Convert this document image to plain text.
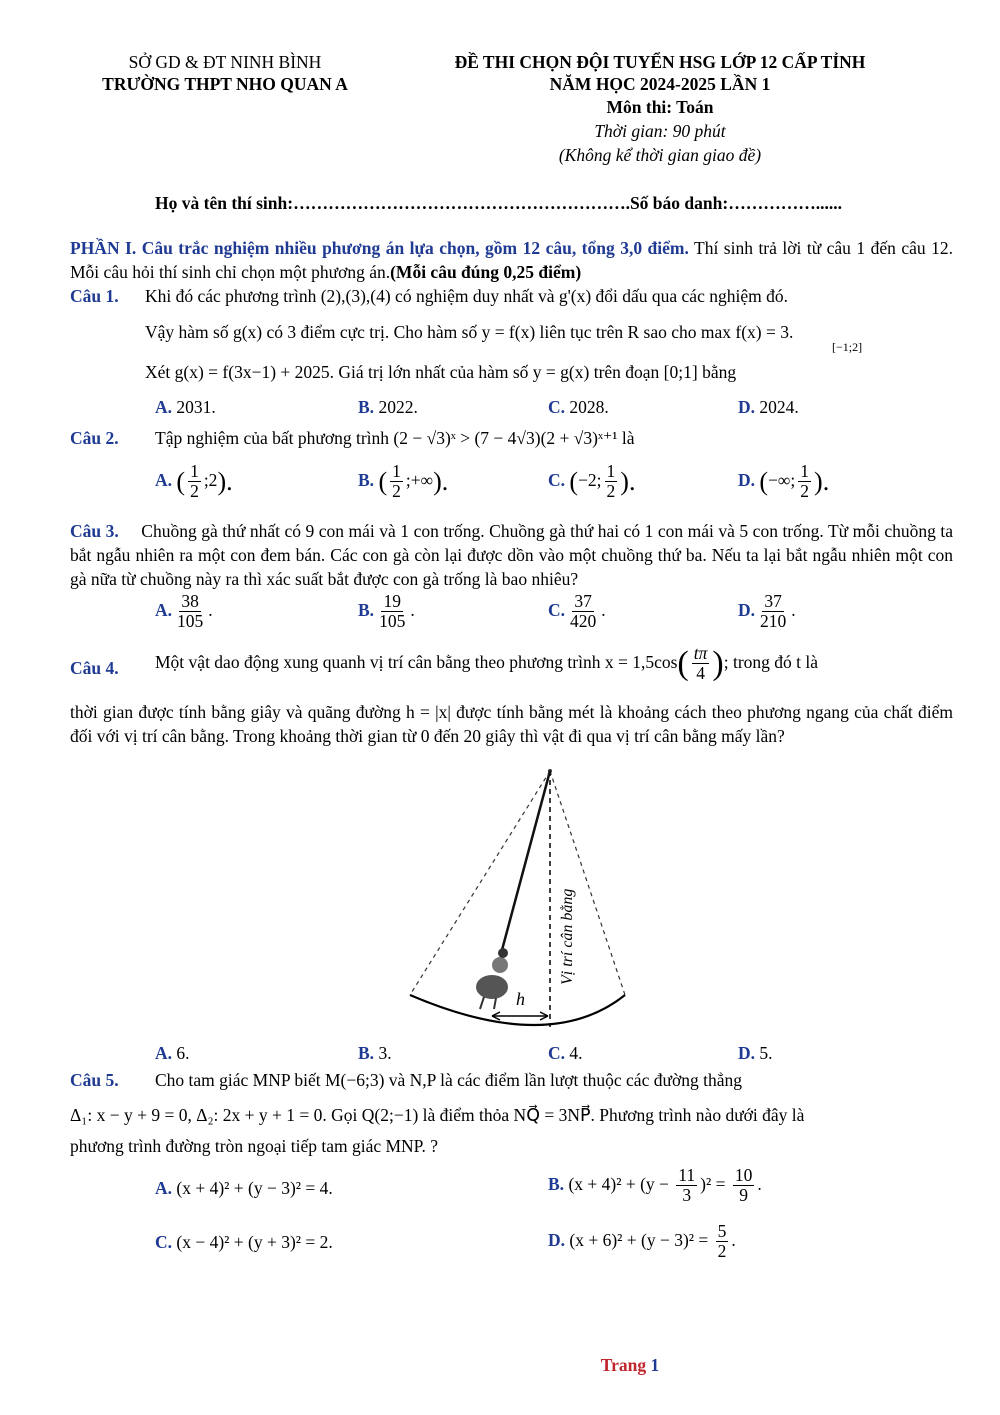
SỞ GD & ĐT NINH BÌNH
TRƯỜNG THPT NHO QUAN A
ĐỀ THI CHỌN ĐỘI TUYỂN HSG LỚP 12 CẤP TỈNH
NĂM HỌC 2024-2025 LẦN 1
Môn thi: Toán
Thời gian: 90 phút
(Không kể thời gian giao đề)
Họ và tên thí sinh:………………………………………………….Số báo danh:……………......
PHẦN I. Câu trắc nghiệm nhiều phương án lựa chọn, gồm 12 câu, tổng 3,0 điểm. Thí sinh trả lời từ câu 1 đến câu 12. Mỗi câu hỏi thí sinh chỉ chọn một phương án.(Mỗi câu đúng 0,25 điểm)
Câu 1. Khi đó các phương trình (2),(3),(4) có nghiệm duy nhất và g'(x) đổi dấu qua các nghiệm đó.
Vậy hàm số g(x) có 3 điểm cực trị. Cho hàm số y = f(x) liên tục trên R sao cho max f(x) = 3.
[−1;2]
Xét g(x) = f(3x−1) + 2025. Giá trị lớn nhất của hàm số y = g(x) trên đoạn [0;1] bằng
A. 2031.	B. 2022.	C. 2028.	D. 2024.
Câu 2. Tập nghiệm của bất phương trình (2 − √3)ˣ > (7 − 4√3)(2 + √3)ˣ⁺¹ là
A. ( $\frac{1}{2}$ ;2).	B. ( $\frac{1}{2}$ ;+∞).	C. (−2; $\frac{1}{2}$ ).	D. (−∞; $\frac{1}{2}$ ).
Câu 3. Chuồng gà thứ nhất có 9 con mái và 1 con trống. Chuồng gà thứ hai có 1 con mái và 5 con trống. Từ mỗi chuồng ta bắt ngẫu nhiên ra một con đem bán. Các con gà còn lại được dồn vào một chuồng thứ ba. Nếu ta lại bắt ngẫu nhiên một con gà nữa từ chuồng này ra thì xác suất bắt được con gà trống là bao nhiêu?
A. $\frac{38}{105}$ .	B. $\frac{19}{105}$ .	C. $\frac{37}{420}$ .	D. $\frac{37}{210}$ .
Câu 4. Một vật dao động xung quanh vị trí cân bằng theo phương trình $x = 1,5\cos( \frac{t\pi}{4}$ ); trong đó t là
thời gian được tính bằng giây và quãng đường h = |x| được tính bằng mét là khoảng cách theo phương ngang của chất điểm đối với vị trí cân bằng. Trong khoảng thời gian từ 0 đến 20 giây thì vật đi qua vị trí cân bằng mấy lần?
h
Vị trí cân bằng
A. 6.	B. 3.	C. 4.	D. 5.
Câu 5. Cho tam giác MNP biết M(−6;3) và N,P là các điểm lần lượt thuộc các đường thẳng
Δ₁: x − y + 9 = 0, Δ₂: 2x + y + 1 = 0. Gọi Q(2;−1) là điểm thỏa NQ⃗ = 3NP⃗. Phương trình nào dưới đây là
phương trình đường tròn ngoại tiếp tam giác MNP. ?
A. (x + 4)² + (y − 3)² = 4.	B. $(x + 4)^2 + (y - \frac{11}{3} )^2 = \frac{10}{9}$ .
C. (x − 4)² + (y + 3)² = 2.	D. $(x + 6)^2 + (y - 3)^2 = \frac{5}{2}$ .
Trang 1
